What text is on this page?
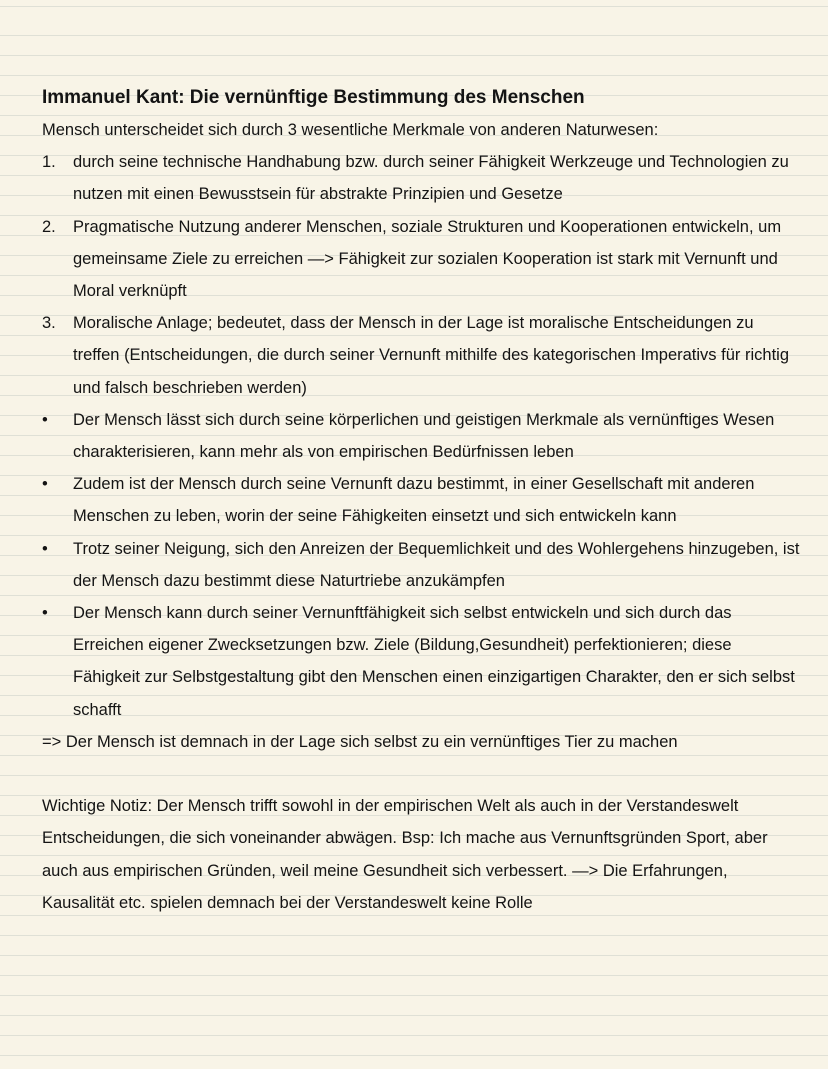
Immanuel Kant: Die vernünftige Bestimmung des Menschen

Mensch unterscheidet sich durch 3 wesentliche Merkmale von anderen Naturwesen:

1.	durch seine technische Handhabung bzw. durch seiner Fähigkeit Werkzeuge und Technologien zu nutzen mit einen Bewusstsein für abstrakte Prinzipien und Gesetze
2.	Pragmatische Nutzung anderer Menschen, soziale Strukturen und Kooperationen entwickeln, um gemeinsame Ziele zu erreichen —> Fähigkeit zur sozialen Kooperation ist stark mit Vernunft und Moral verknüpft
3.	Moralische Anlage; bedeutet, dass der Mensch in der Lage ist moralische Entscheidungen zu treffen (Entscheidungen, die durch seiner Vernunft mithilfe des kategorischen Imperativs für richtig und falsch beschrieben werden)
•	Der Mensch lässt sich durch seine körperlichen und geistigen Merkmale als vernünftiges Wesen charakterisieren, kann mehr als von empirischen Bedürfnissen leben
•	Zudem ist der Mensch durch seine Vernunft dazu bestimmt, in einer Gesellschaft mit anderen Menschen zu leben, worin der seine Fähigkeiten einsetzt und sich entwickeln kann
•	Trotz seiner Neigung, sich den Anreizen der Bequemlichkeit und des Wohlergehens hinzugeben, ist der Mensch dazu bestimmt diese Naturtriebe anzukämpfen
•	Der Mensch kann durch seiner Vernunftfähigkeit sich selbst entwickeln und sich durch das Erreichen eigener Zwecksetzungen bzw. Ziele (Bildung,Gesundheit) perfektionieren; diese Fähigkeit zur Selbstgestaltung gibt den Menschen einen einzigartigen Charakter, den er sich selbst schafft

=> Der Mensch ist demnach in der Lage sich selbst zu ein vernünftiges Tier zu machen

Wichtige Notiz: Der Mensch trifft sowohl in der empirischen Welt als auch in der Verstandeswelt Entscheidungen, die sich voneinander abwägen. Bsp: Ich mache aus Vernunftsgründen Sport, aber auch aus empirischen Gründen, weil meine Gesundheit sich verbessert. —> Die Erfahrungen, Kausalität etc. spielen demnach bei der Verstandeswelt keine Rolle
